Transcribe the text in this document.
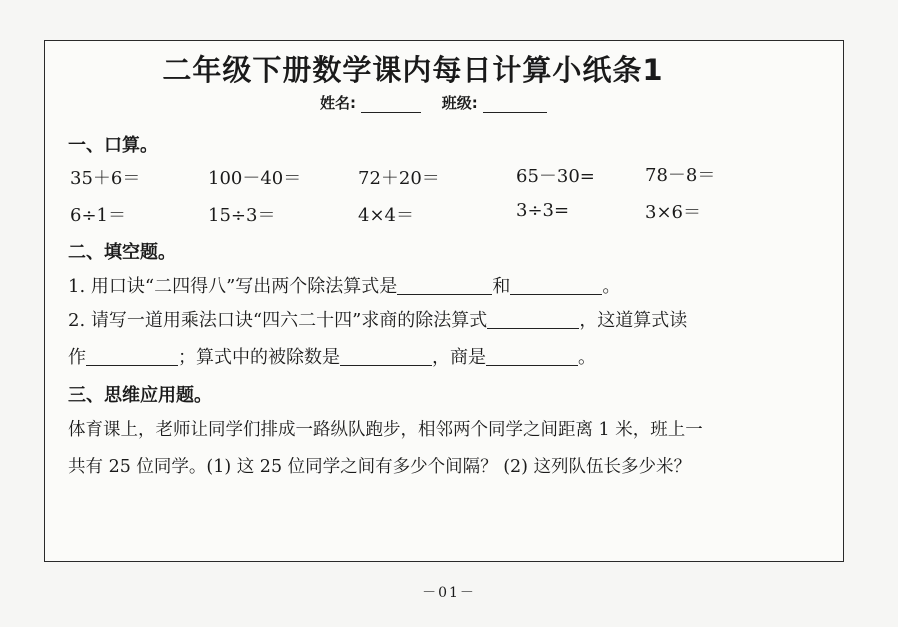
二年级下册数学课内每日计算小纸条1
姓名:	班级:
一、口算。
35＋6＝	100－40＝	72＋20＝	65－30=	78－8＝
6÷1＝	15÷3＝	4×4＝	3÷3=	3×6＝
二、填空题。
1. 用口诀“二四得八”写出两个除法算式是	和	。
2. 请写一道用乘法口诀“四六二十四”求商的除法算式	，这道算式读
作	；算式中的被除数是	，商是	。
三、思维应用题。
体育课上，老师让同学们排成一路纵队跑步，相邻两个同学之间距离 1 米，班上一
共有 25 位同学。(1) 这 25 位同学之间有多少个间隔？ (2) 这列队伍长多少米？
－01－
